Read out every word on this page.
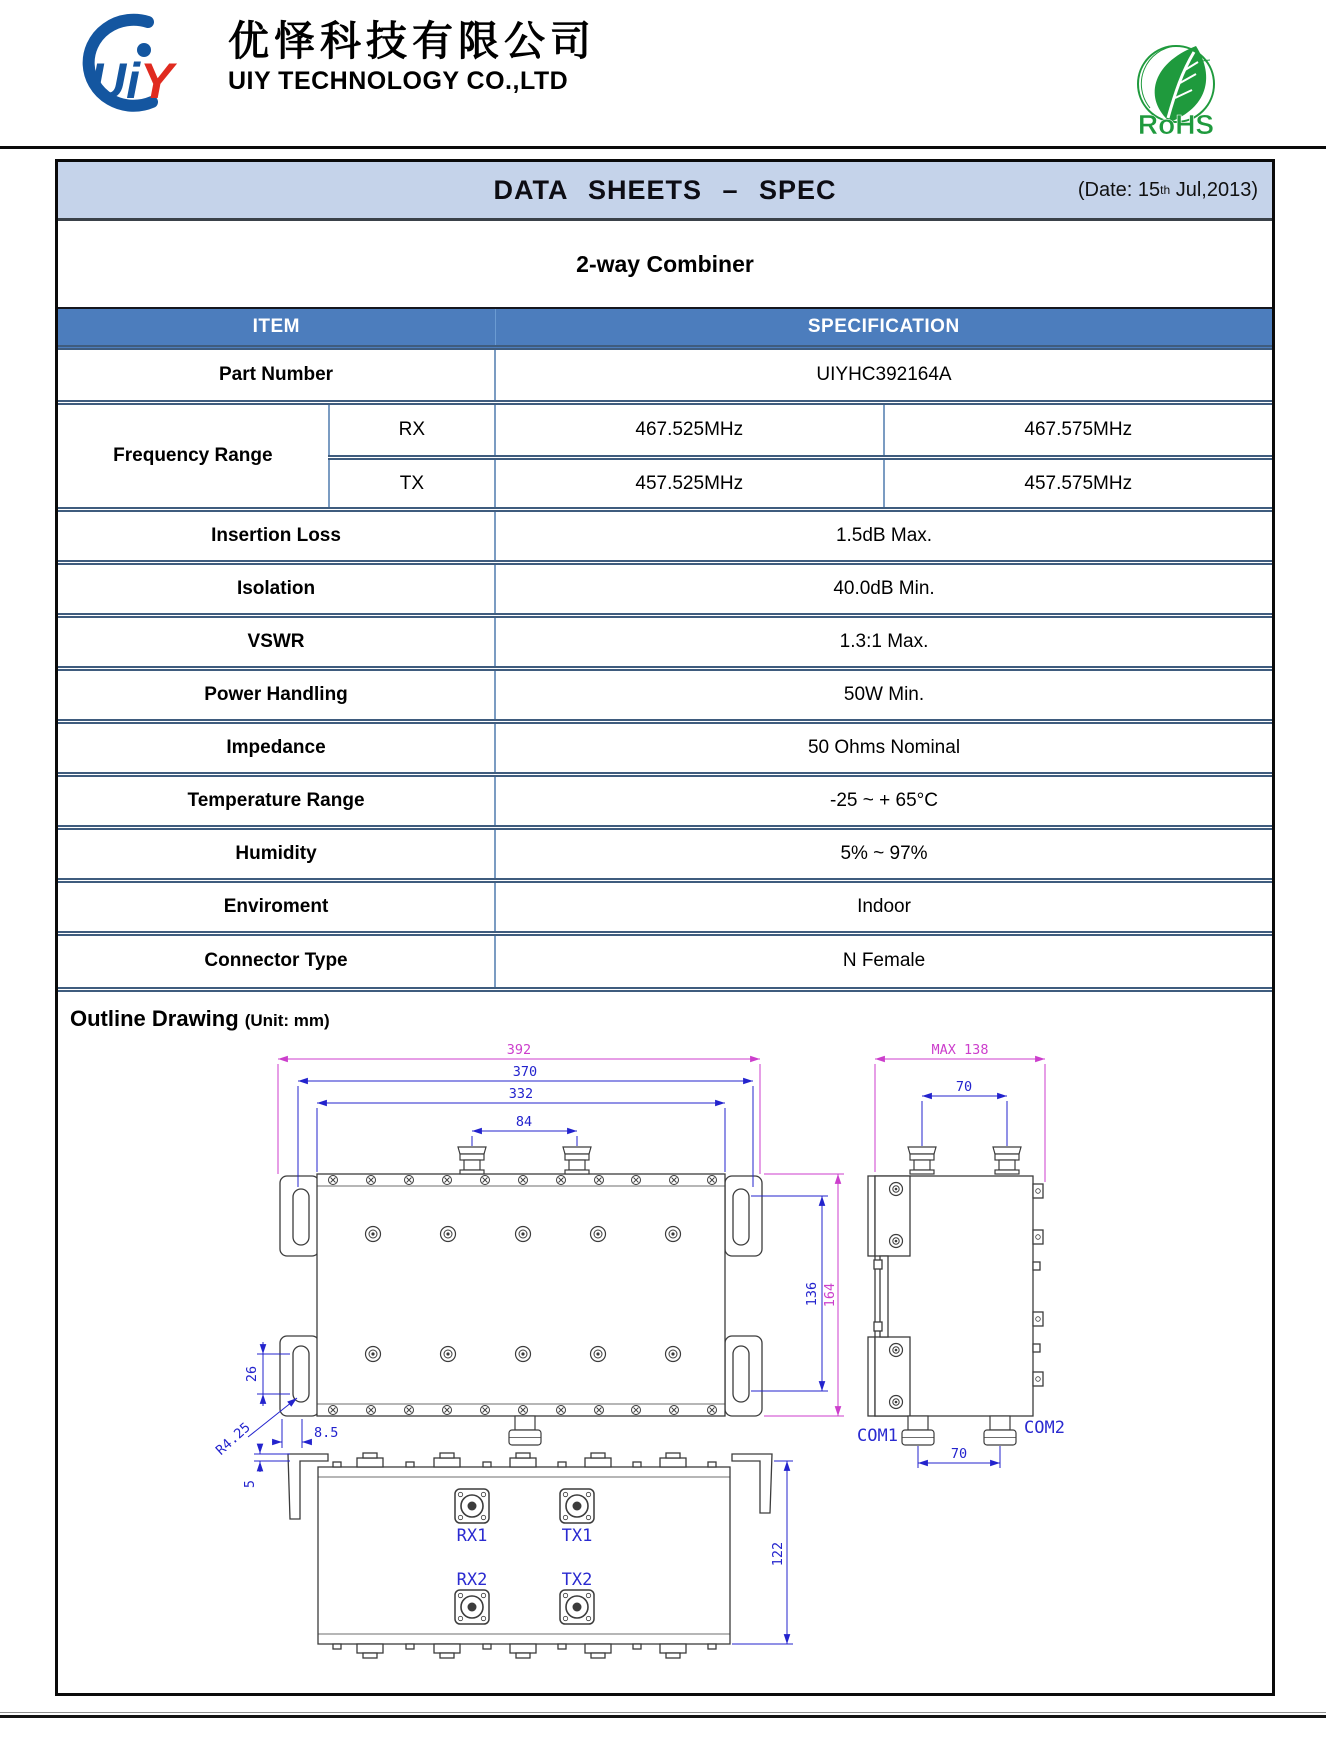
UiY
优怿科技有限公司
UIY TECHNOLOGY CO.,LTD
RoHS
DATA SHEETS – SPEC	(Date:
15 th
Jul,2013)
2-way Combiner
ITEM		SPECIFICATION	
Part Number		UIYHC392164A	
Frequency Range	RX	467.525MHz	467.575MHz
	TX	457.525MHz	457.575MHz
Insertion Loss		1.5dB Max.	
Isolation		40.0dB Min.	
VSWR		1.3:1 Max.	
Power Handling		50W Min.	
Impedance		50 Ohms Nominal	
Temperature Range		-25 ~ + 65°C	
Humidity		5% ~ 97%	
Enviroment		Indoor	
Connector Type		N Female	
Outline Drawing (Unit: mm)
RX1	TX1
RX2	TX2
COM1	COM2
392
164
MAX 138
370
332
84
136
26
R4.25	8.5
5
122
70
70
